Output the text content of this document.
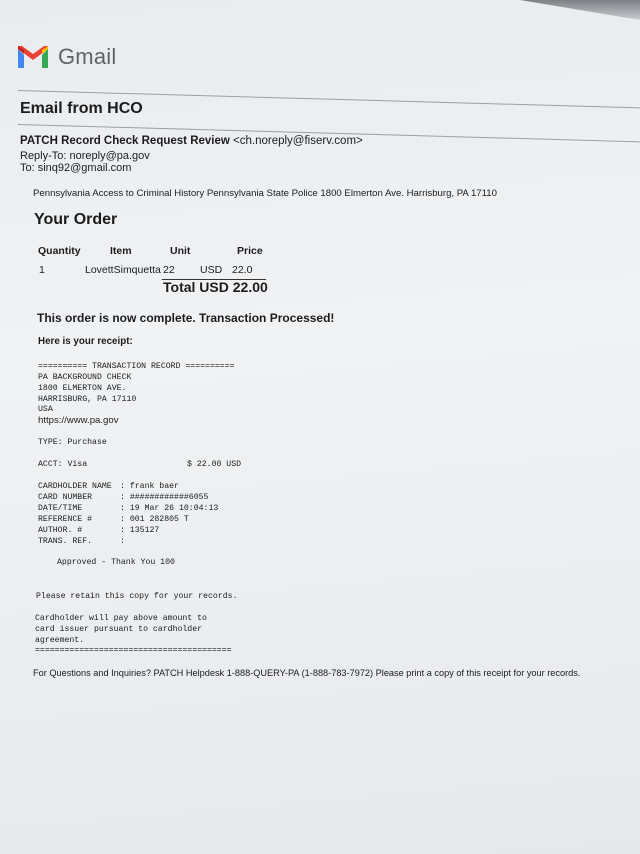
Gmail
Email from HCO
PATCH Record Check Request Review <ch.noreply@fiserv.com>
Reply-To: noreply@pa.gov
To: sinq92@gmail.com
Pennsylvania Access to Criminal History Pennsylvania State Police 1800 Elmerton Ave. Harrisburg, PA 17110
Your Order
Quantity	Item	Unit	Price
1	LovettSimquetta 22 USD 22.0
Total USD 22.00
This order is now complete. Transaction Processed!
Here is your receipt:
========== TRANSACTION RECORD ==========
PA BACKGROUND CHECK
1800 ELMERTON AVE.
HARRISBURG, PA 17110
USA
https://www.pa.gov
TYPE: Purchase
ACCT: Visa	$ 22.00 USD
CARDHOLDER NAME : frank baer
CARD NUMBER	: ############6055
DATE/TIME	: 19 Mar 26 10:04:13
REFERENCE #	: 001 282805 T
AUTHOR. #	: 135127
TRANS. REF.	:
Approved - Thank You 100
Please retain this copy for your records.
Cardholder will pay above amount to
card issuer pursuant to cardholder
agreement.
========================================
For Questions and Inquiries? PATCH Helpdesk 1-888-QUERY-PA (1-888-783-7972) Please print a copy of this receipt for your records.
